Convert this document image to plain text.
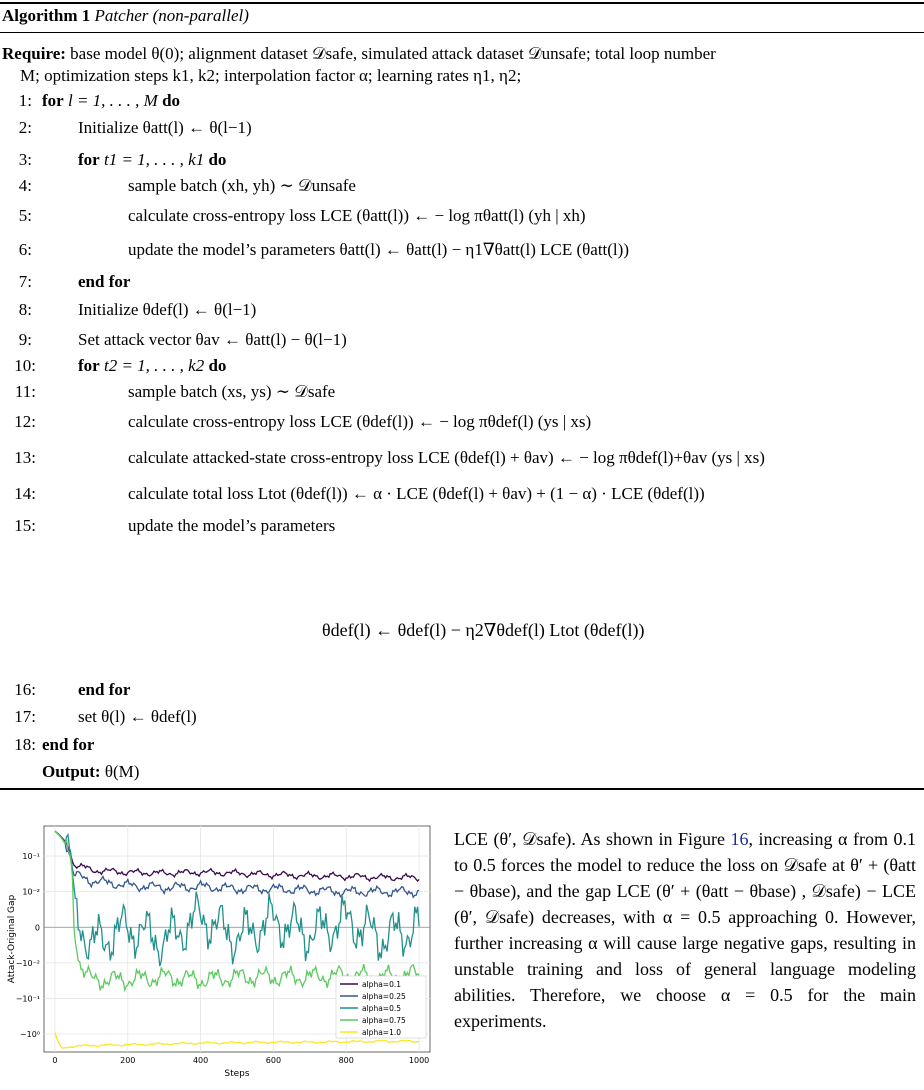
Algorithm 1 Patcher (non-parallel)
Require: base model θ(0); alignment dataset 𝒟safe, simulated attack dataset 𝒟unsafe; total loop number
M; optimization steps k1, k2; interpolation factor α; learning rates η1, η2;
1: for l = 1, . . . , M do
2:	Initialize θatt(l) ← θ(l−1)
3:	for t1 = 1, . . . , k1 do
4:	sample batch (xh, yh) ∼ 𝒟unsafe
5:	calculate cross-entropy loss LCE (θatt(l)) ← − log πθatt(l) (yh | xh)
6:	update the model’s parameters θatt(l) ← θatt(l) − η1∇θatt(l) LCE (θatt(l))
7:	end for
8:	Initialize θdef(l) ← θ(l−1)
9:	Set attack vector θav ← θatt(l) − θ(l−1)
10: for t2 = 1, . . . , k2 do
11:	sample batch (xs, ys) ∼ 𝒟safe
12:	calculate cross-entropy loss LCE (θdef(l)) ← − log πθdef(l) (ys | xs)
13:	calculate attacked-state cross-entropy loss LCE (θdef(l) + θav) ← − log πθdef(l)+θav (ys | xs)
14:	calculate total loss Ltot (θdef(l)) ← α · LCE (θdef(l) + θav) + (1 − α) · LCE (θdef(l))
15:	update the model’s parameters
16: end for
17: set θ(l) ← θdef(l)
18: end for
θdef(l) ← θdef(l) − η2∇θdef(l) Ltot (θdef(l))
Output: θ(M)
0	200	400	600	800	1000
10⁻¹
10⁻²
0
−10⁻²
−10⁻¹
−10⁰
Steps
Attack-Original Gap
alpha=0.1
alpha=0.25
alpha=0.5
alpha=0.75
alpha=1.0
LCE (θ′, 𝒟safe). As shown in Figure 16, increasing α from 0.1 to 0.5 forces the model to reduce the loss on 𝒟safe at θ′ + (θatt − θbase), and the gap LCE (θ′ + (θatt − θbase) , 𝒟safe) − LCE (θ′, 𝒟safe) decreases, with α = 0.5 approaching 0. However, further increasing α will cause large negative gaps, resulting in unstable training and loss of general language modeling abilities. Therefore, we choose α = 0.5 for the main experiments.
